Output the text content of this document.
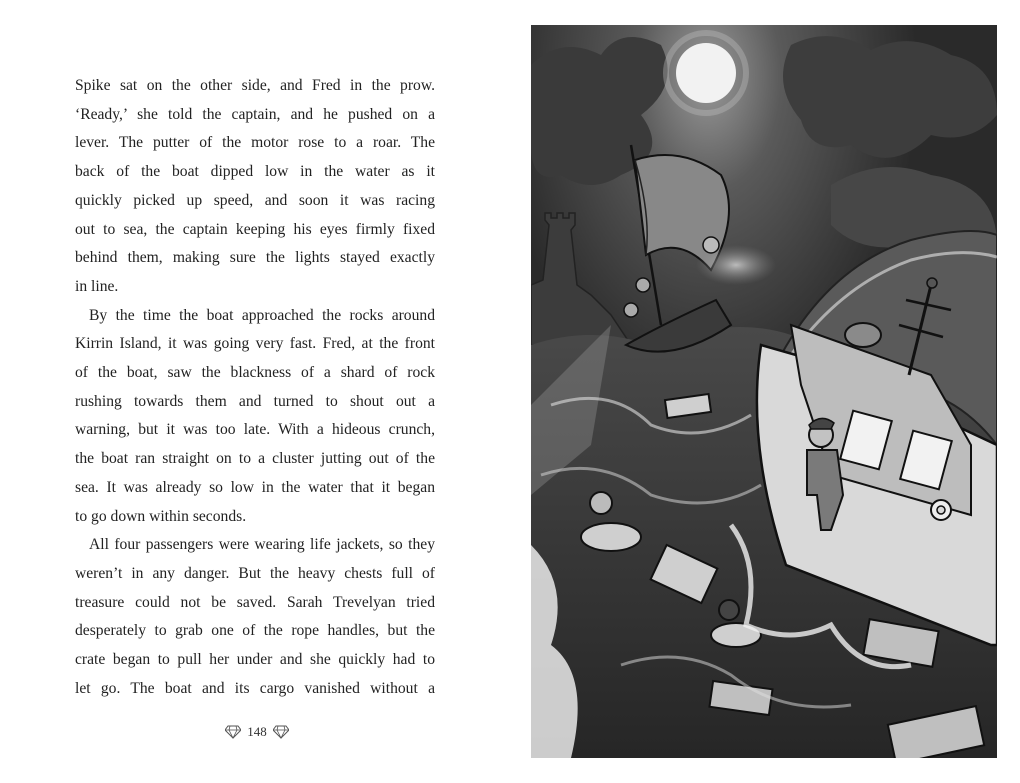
Spike sat on the other side, and Fred in the prow.
‘Ready,’ she told the captain, and he pushed on a
lever. The putter of the motor rose to a roar. The
back of the boat dipped low in the water as it
quickly picked up speed, and soon it was racing
out to sea, the captain keeping his eyes firmly fixed
behind them, making sure the lights stayed exactly
in line.
By the time the boat approached the rocks around
Kirrin Island, it was going very fast. Fred, at the front
of the boat, saw the blackness of a shard of rock
rushing towards them and turned to shout out a
warning, but it was too late. With a hideous crunch,
the boat ran straight on to a cluster jutting out of the
sea. It was already so low in the water that it began
to go down within seconds.
All four passengers were wearing life jackets, so they
weren’t in any danger. But the heavy chests full of
treasure could not be saved. Sarah Trevelyan tried
desperately to grab one of the rope handles, but the
crate began to pull her under and she quickly had to
let go. The boat and its cargo vanished without a
148
